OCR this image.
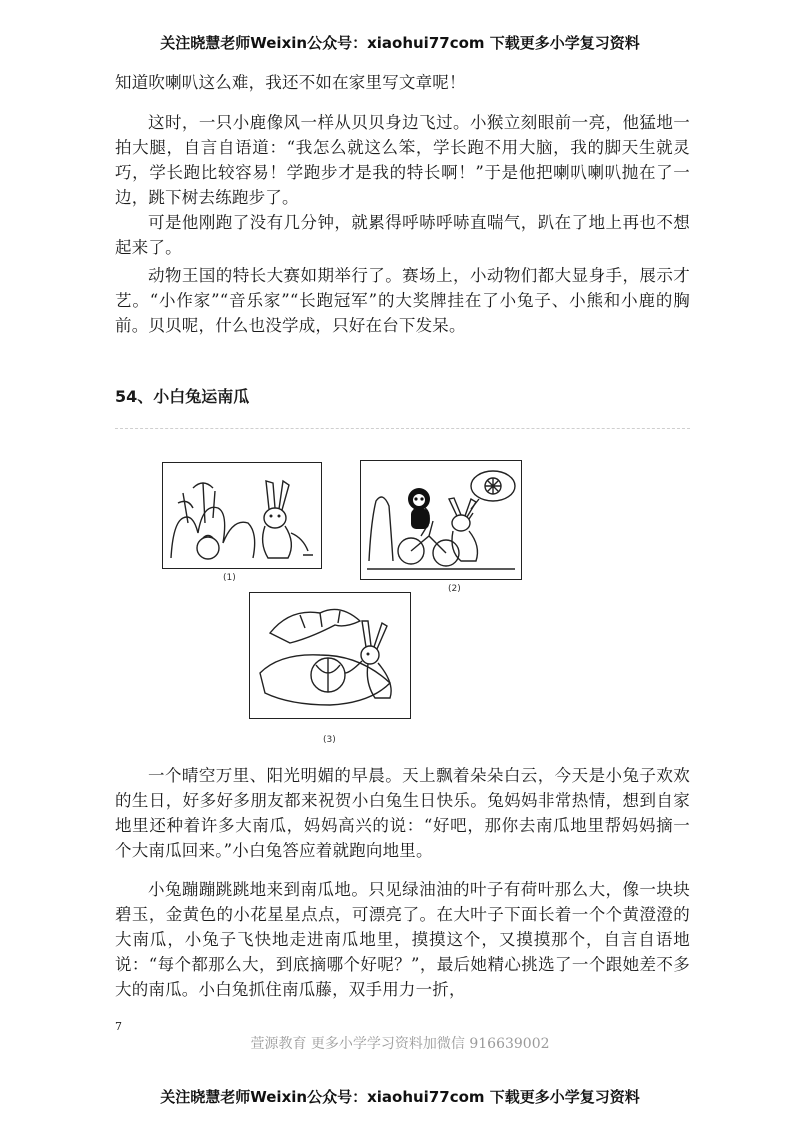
关注晓慧老师Weixin公众号：xiaohui77com 下载更多小学复习资料

知道吹喇叭这么难，我还不如在家里写文章呢！

这时，一只小鹿像风一样从贝贝身边飞过。小猴立刻眼前一亮，他猛地一拍大腿，自言自语道：“我怎么就这么笨，学长跑不用大脑，我的脚天生就灵巧，学长跑比较容易！学跑步才是我的特长啊！”于是他把喇叭喇叭抛在了一边，跳下树去练跑步了。

可是他刚跑了没有几分钟，就累得呼哧呼哧直喘气，趴在了地上再也不想起来了。

动物王国的特长大赛如期举行了。赛场上，小动物们都大显身手，展示才艺。“小作家”“音乐家”“长跑冠军”的大奖牌挂在了小兔子、小熊和小鹿的胸前。贝贝呢，什么也没学成，只好在台下发呆。

54、小白兔运南瓜
(1)
(2)
(3)

一个晴空万里、阳光明媚的早晨。天上飘着朵朵白云，今天是小兔子欢欢的生日，好多好多朋友都来祝贺小白兔生日快乐。兔妈妈非常热情，想到自家地里还种着许多大南瓜，妈妈高兴的说：“好吧，那你去南瓜地里帮妈妈摘一个大南瓜回来。”小白兔答应着就跑向地里。

小兔蹦蹦跳跳地来到南瓜地。只见绿油油的叶子有荷叶那么大，像一块块碧玉，金黄色的小花星星点点，可漂亮了。在大叶子下面长着一个个黄澄澄的大南瓜，小兔子飞快地走进南瓜地里，摸摸这个，又摸摸那个，自言自语地说：“每个都那么大，到底摘哪个好呢？”，最后她精心挑选了一个跟她差不多大的南瓜。小白兔抓住南瓜藤，双手用力一折，

7
萱源教育 更多小学学习资料加微信 916639002
关注晓慧老师Weixin公众号：xiaohui77com 下载更多小学复习资料
